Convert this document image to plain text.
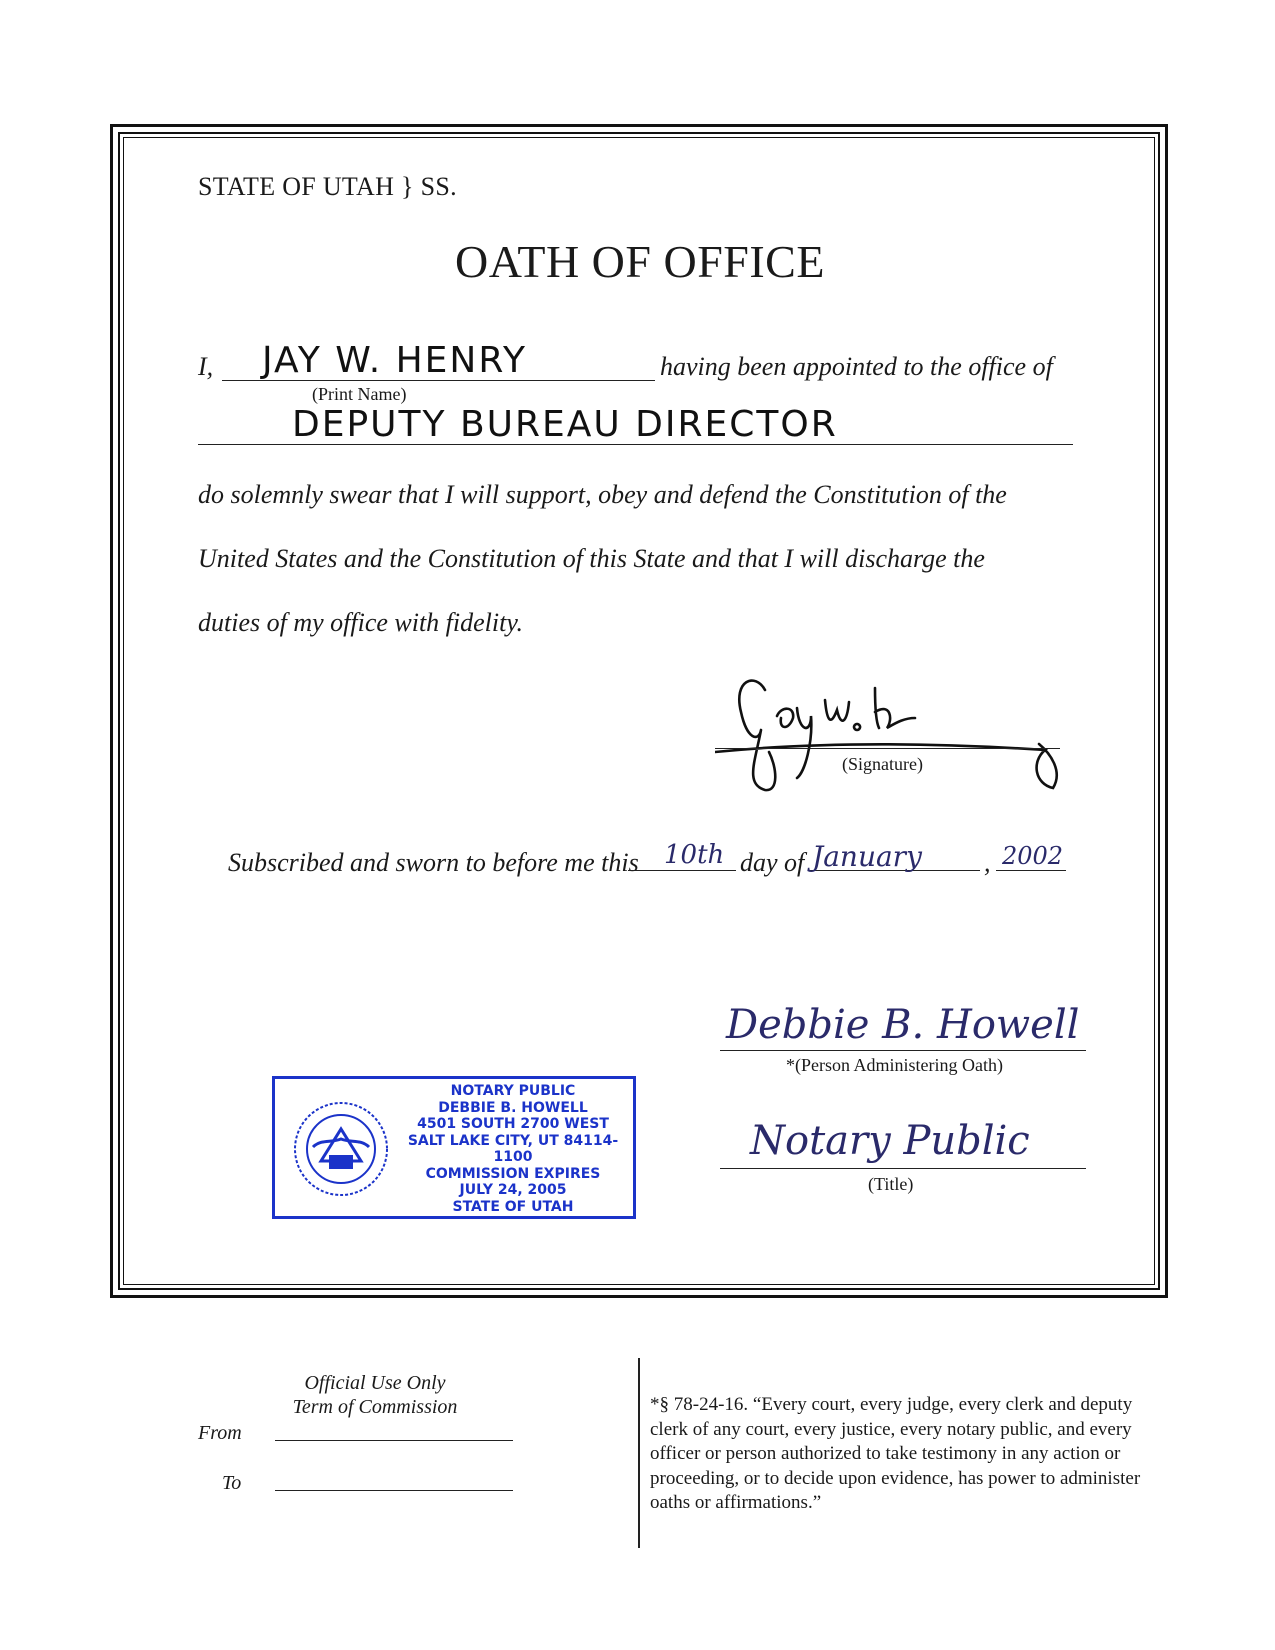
STATE OF UTAH } SS.
OATH OF OFFICE
I, JAY W. HENRY
(Print Name)
having been appointed to the office of
DEPUTY BUREAU DIRECTOR
do solemnly swear that I will support, obey and defend the Constitution of the
United States and the Constitution of this State and that I will discharge the
duties of my office with fidelity.
(Signature)
Subscribed and sworn to before me this 10th day of January , 2002
Debbie B. Howell
*(Person Administering Oath)
Notary Public
(Title)
NOTARY PUBLIC
DEBBIE B. HOWELL
4501 SOUTH 2700 WEST
SALT LAKE CITY, UT 84114-1100
COMMISSION EXPIRES
JULY 24, 2005
STATE OF UTAH
Official Use Only
Term of Commission
From
To
*§ 78-24-16. “Every court, every judge, every clerk and deputy clerk of any court, every justice, every notary public, and every officer or person authorized to take testimony in any action or proceeding, or to decide upon evidence, has power to administer oaths or affirmations.”
